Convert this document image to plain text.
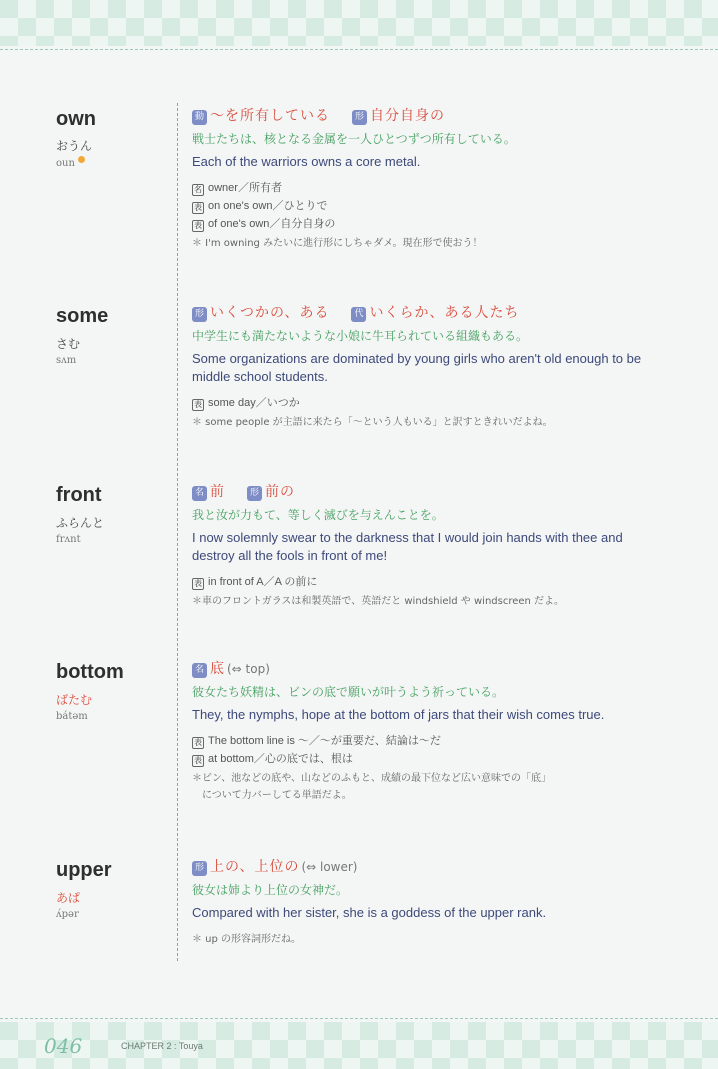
own
おうん
oun
動 〜を所有している	形 自分自身の
戦士たちは、核となる金属を一人ひとつずつ所有している。
Each of the warriors owns a core metal.
名 owner／所有者
表 on one's own／ひとりで
表 of one's own／自分自身の
＊ I'm owning みたいに進行形にしちゃダメ。現在形で使おう！
some
さむ
sʌm
形 いくつかの、ある	代 いくらか、ある人たち
中学生にも満たないような小娘に牛耳られている組織もある。
Some organizations are dominated by young girls who aren't old enough to be middle school students.
表 some day／いつか
＊ some people が主語に来たら「〜という人もいる」と訳すときれいだよね。
front
ふらんと
frʌnt
名 前	形 前の
我と汝が力もて、等しく滅びを与えんことを。
I now solemnly swear to the darkness that I would join hands with thee and destroy all the fools in front of me!
表 in front of A／A の前に
＊車のフロントガラスは和製英語で、英語だと windshield や windscreen だよ。
bottom
ばたむ
bátəm
名 底 (⇔ top)
彼女たち妖精は、ビンの底で願いが叶うよう祈っている。
They, the nymphs, hope at the bottom of jars that their wish comes true.
表 The bottom line is 〜／〜が重要だ、結論は〜だ
表 at bottom／心の底では、根は
＊ビン、池などの底や、山などのふもと、成績の最下位など広い意味での「底」
について力バーしてる単語だよ。
upper
あぱ
ʌ́pər
形 上の、上位の (⇔ lower)
彼女は姉より上位の女神だ。
Compared with her sister, she is a goddess of the upper rank.
＊ up の形容詞形だね。
046	CHAPTER 2 : Touya
